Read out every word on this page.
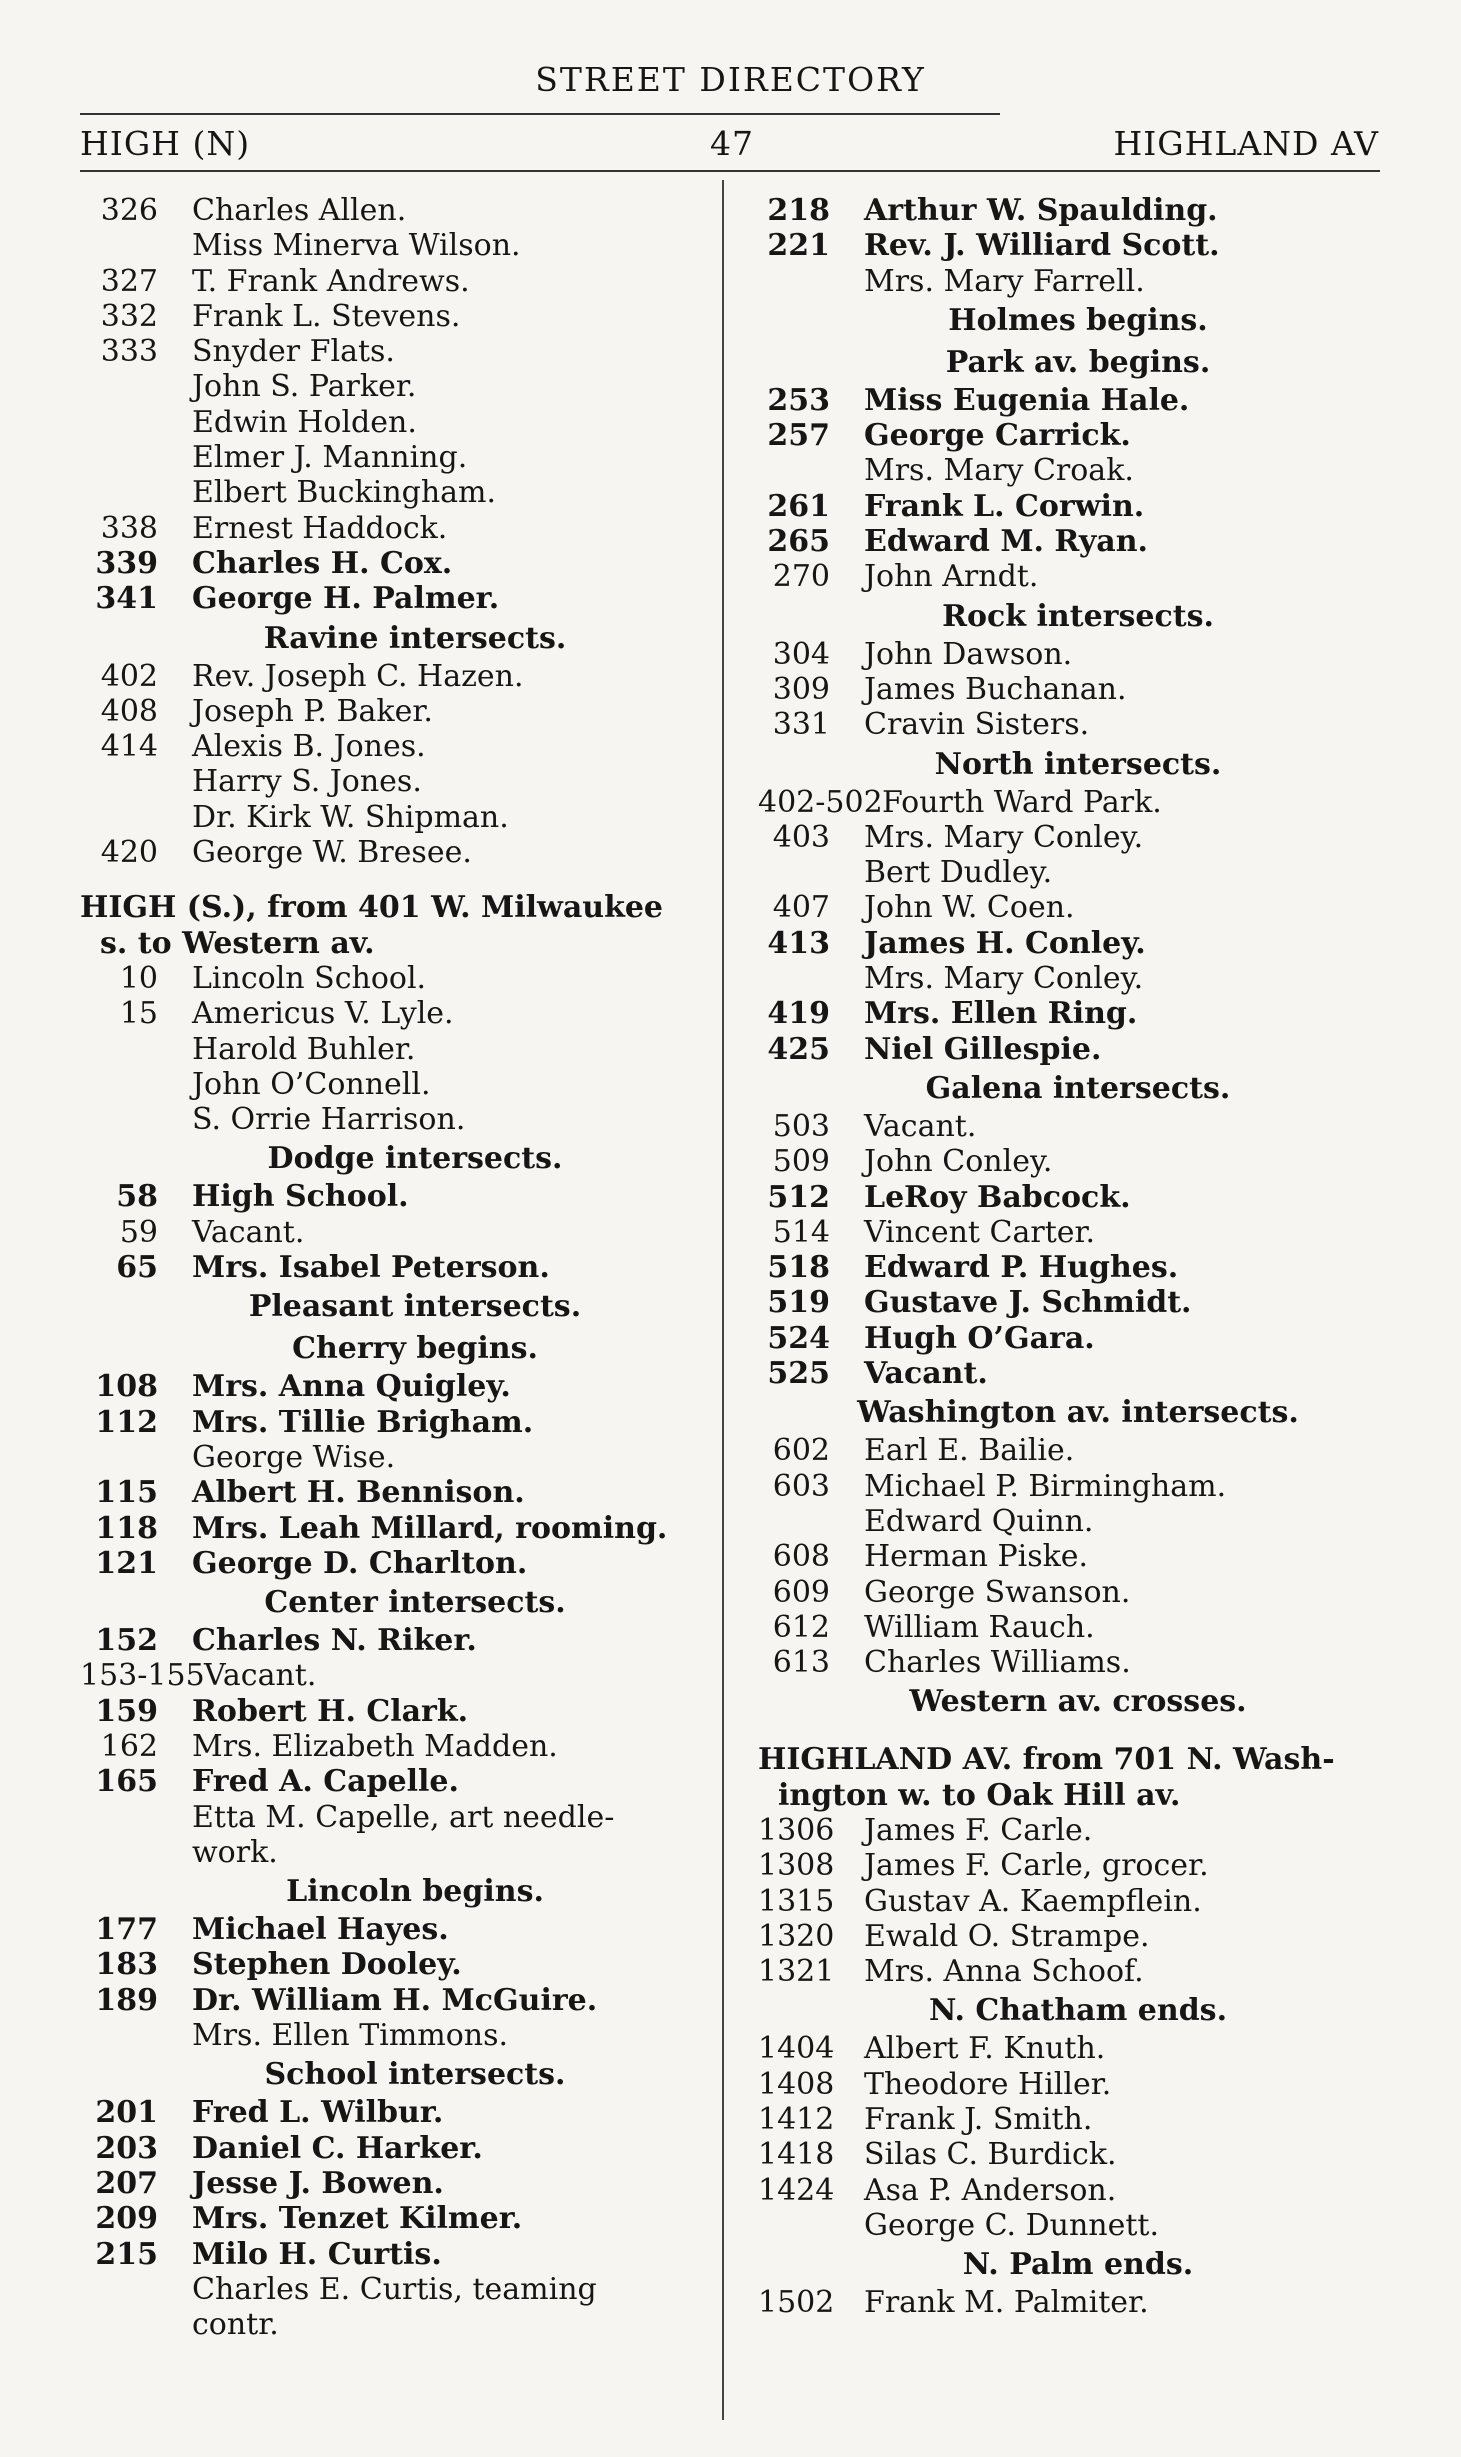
STREET DIRECTORY
HIGH (N)	47	HIGHLAND AV
326 Charles Allen.
Miss Minerva Wilson.
327 T. Frank Andrews.
332 Frank L. Stevens.
333 Snyder Flats.
John S. Parker.
Edwin Holden.
Elmer J. Manning.
Elbert Buckingham.
338 Ernest Haddock.
339 Charles H. Cox.
341 George H. Palmer.
Ravine intersects.
402 Rev. Joseph C. Hazen.
408 Joseph P. Baker.
414 Alexis B. Jones.
Harry S. Jones.
Dr. Kirk W. Shipman.
420 George W. Bresee.
HIGH (S.), from 401 W. Milwaukee
s. to Western av.
10 Lincoln School.
15 Americus V. Lyle.
Harold Buhler.
John O’Connell.
S. Orrie Harrison.
Dodge intersects.
58 High School.
59 Vacant.
65 Mrs. Isabel Peterson.
Pleasant intersects.
Cherry begins.
108 Mrs. Anna Quigley.
112 Mrs. Tillie Brigham.
George Wise.
115 Albert H. Bennison.
118 Mrs. Leah Millard, rooming.
121 George D. Charlton.
Center intersects.
152 Charles N. Riker.
153-155 Vacant.
159 Robert H. Clark.
162 Mrs. Elizabeth Madden.
165 Fred A. Capelle.
Etta M. Capelle, art needle-
work.
Lincoln begins.
177 Michael Hayes.
183 Stephen Dooley.
189 Dr. William H. McGuire.
Mrs. Ellen Timmons.
School intersects.
201 Fred L. Wilbur.
203 Daniel C. Harker.
207 Jesse J. Bowen.
209 Mrs. Tenzet Kilmer.
215 Milo H. Curtis.
Charles E. Curtis, teaming
contr.
218 Arthur W. Spaulding.
221 Rev. J. Williard Scott.
Mrs. Mary Farrell.
Holmes begins.
Park av. begins.
253 Miss Eugenia Hale.
257 George Carrick.
Mrs. Mary Croak.
261 Frank L. Corwin.
265 Edward M. Ryan.
270 John Arndt.
Rock intersects.
304 John Dawson.
309 James Buchanan.
331 Cravin Sisters.
North intersects.
402-502 Fourth Ward Park.
403 Mrs. Mary Conley.
Bert Dudley.
407 John W. Coen.
413 James H. Conley.
Mrs. Mary Conley.
419 Mrs. Ellen Ring.
425 Niel Gillespie.
Galena intersects.
503 Vacant.
509 John Conley.
512 LeRoy Babcock.
514 Vincent Carter.
518 Edward P. Hughes.
519 Gustave J. Schmidt.
524 Hugh O’Gara.
525 Vacant.
Washington av. intersects.
602 Earl E. Bailie.
603 Michael P. Birmingham.
Edward Quinn.
608 Herman Piske.
609 George Swanson.
612 William Rauch.
613 Charles Williams.
Western av. crosses.
HIGHLAND AV. from 701 N. Wash-
ington w. to Oak Hill av.
1306 James F. Carle.
1308 James F. Carle, grocer.
1315 Gustav A. Kaempflein.
1320 Ewald O. Strampe.
1321 Mrs. Anna Schoof.
N. Chatham ends.
1404 Albert F. Knuth.
1408 Theodore Hiller.
1412 Frank J. Smith.
1418 Silas C. Burdick.
1424 Asa P. Anderson.
George C. Dunnett.
N. Palm ends.
1502 Frank M. Palmiter.
